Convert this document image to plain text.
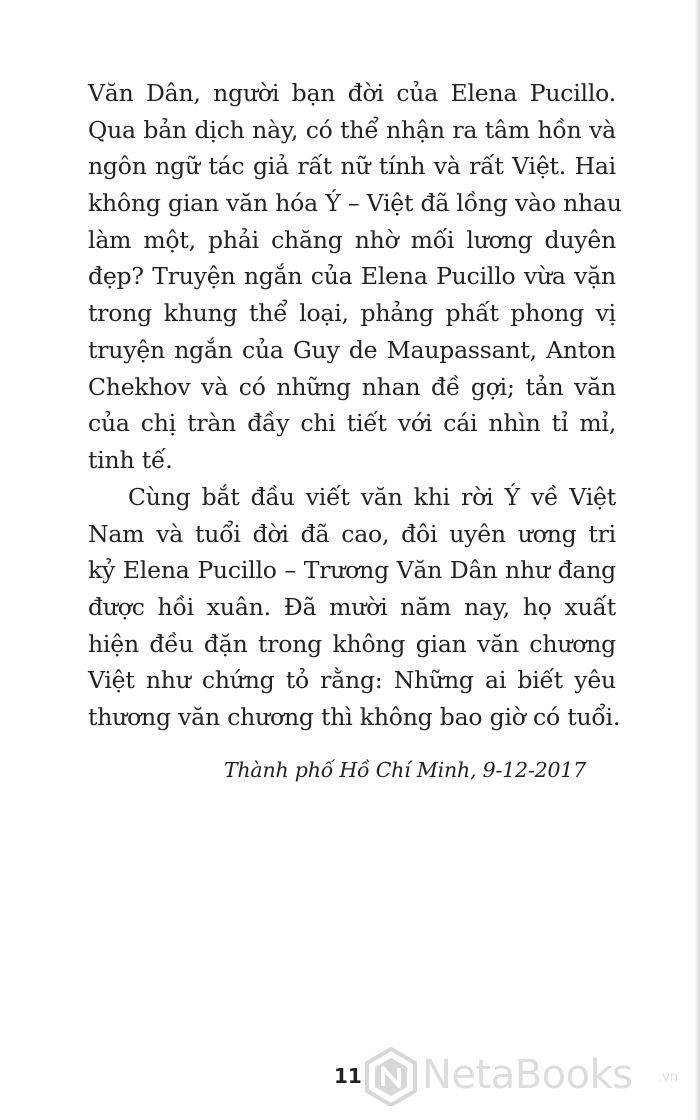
Văn Dân, người bạn đời của Elena Pucillo.
Qua bản dịch này, có thể nhận ra tâm hồn và
ngôn ngữ tác giả rất nữ tính và rất Việt. Hai
không gian văn hóa Ý – Việt đã lồng vào nhau
làm một, phải chăng nhờ mối lương duyên
đẹp? Truyện ngắn của Elena Pucillo vừa vặn
trong khung thể loại, phảng phất phong vị
truyện ngắn của Guy de Maupassant, Anton
Chekhov và có những nhan đề gợi; tản văn
của chị tràn đầy chi tiết với cái nhìn tỉ mỉ,
tinh tế.
Cùng bắt đầu viết văn khi rời Ý về Việt
Nam và tuổi đời đã cao, đôi uyên ương tri
kỷ Elena Pucillo – Trương Văn Dân như đang
được hồi xuân. Đã mười năm nay, họ xuất
hiện đều đặn trong không gian văn chương
Việt như chứng tỏ rằng: Những ai biết yêu
thương văn chương thì không bao giờ có tuổi.
Thành phố Hồ Chí Minh, 9-12-2017
11 NetaBooks .vn
